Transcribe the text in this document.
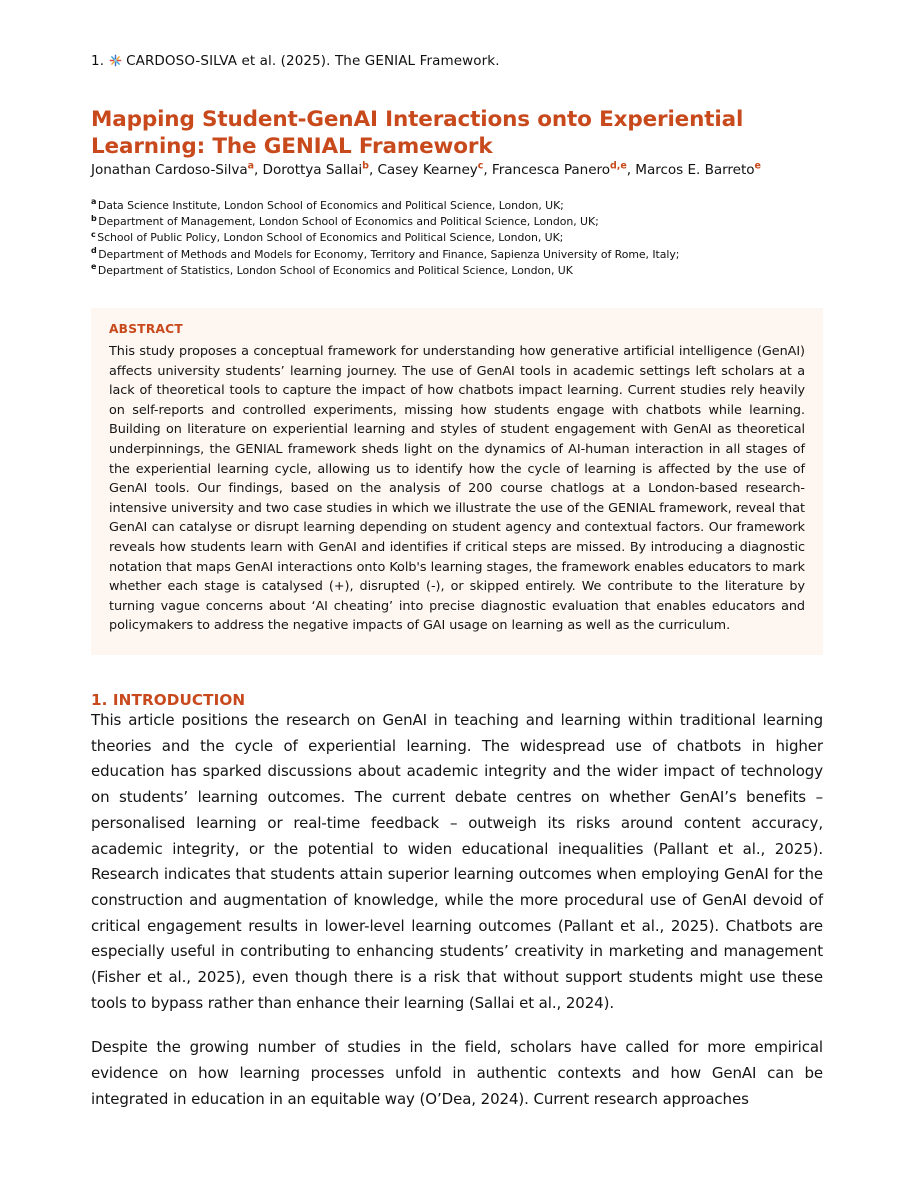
1. CARDOSO-SILVA et al. (2025). The GENIAL Framework.
Mapping Student-GenAI Interactions onto Experiential Learning: The GENIAL Framework
Jonathan Cardoso-Silva$^a$, Dorottya Sallai$^b$, Casey Kearney$^c$, Francesca Panero$^{d,e}$, Marcos E. Barreto$^e$
$^a$ Data Science Institute, London School of Economics and Political Science, London, UK;
$^b$ Department of Management, London School of Economics and Political Science, London, UK;
$^c$ School of Public Policy, London School of Economics and Political Science, London, UK;
$^d$ Department of Methods and Models for Economy, Territory and Finance, Sapienza University of Rome, Italy;
$^e$ Department of Statistics, London School of Economics and Political Science, London, UK
ABSTRACT
This study proposes a conceptual framework for understanding how generative artificial intelligence (GenAI) affects university students’ learning journey. The use of GenAI tools in academic settings left scholars at a lack of theoretical tools to capture the impact of how chatbots impact learning. Current studies rely heavily on self-reports and controlled experiments, missing how students engage with chatbots while learning. Building on literature on experiential learning and styles of student engagement with GenAI as theoretical underpinnings, the GENIAL framework sheds light on the dynamics of AI-human interaction in all stages of the experiential learning cycle, allowing us to identify how the cycle of learning is affected by the use of GenAI tools. Our findings, based on the analysis of 200 course chatlogs at a London-based research-intensive university and two case studies in which we illustrate the use of the GENIAL framework, reveal that GenAI can catalyse or disrupt learning depending on student agency and contextual factors. Our framework reveals how students learn with GenAI and identifies if critical steps are missed. By introducing a diagnostic notation that maps GenAI interactions onto Kolb's learning stages, the framework enables educators to mark whether each stage is catalysed (+), disrupted (-), or skipped entirely. We contribute to the literature by turning vague concerns about ‘AI cheating’ into precise diagnostic evaluation that enables educators and policymakers to address the negative impacts of GAI usage on learning as well as the curriculum.
1. INTRODUCTION

This article positions the research on GenAI in teaching and learning within traditional learning theories and the cycle of experiential learning. The widespread use of chatbots in higher education has sparked discussions about academic integrity and the wider impact of technology on students’ learning outcomes. The current debate centres on whether GenAI’s benefits – personalised learning or real-time feedback – outweigh its risks around content accuracy, academic integrity, or the potential to widen educational inequalities (Pallant et al., 2025). Research indicates that students attain superior learning outcomes when employing GenAI for the construction and augmentation of knowledge, while the more procedural use of GenAI devoid of critical engagement results in lower-level learning outcomes (Pallant et al., 2025). Chatbots are especially useful in contributing to enhancing students’ creativity in marketing and management (Fisher et al., 2025), even though there is a risk that without support students might use these tools to bypass rather than enhance their learning (Sallai et al., 2024).

Despite the growing number of studies in the field, scholars have called for more empirical evidence on how learning processes unfold in authentic contexts and how GenAI can be integrated in education in an equitable way (O’Dea, 2024). Current research approaches
